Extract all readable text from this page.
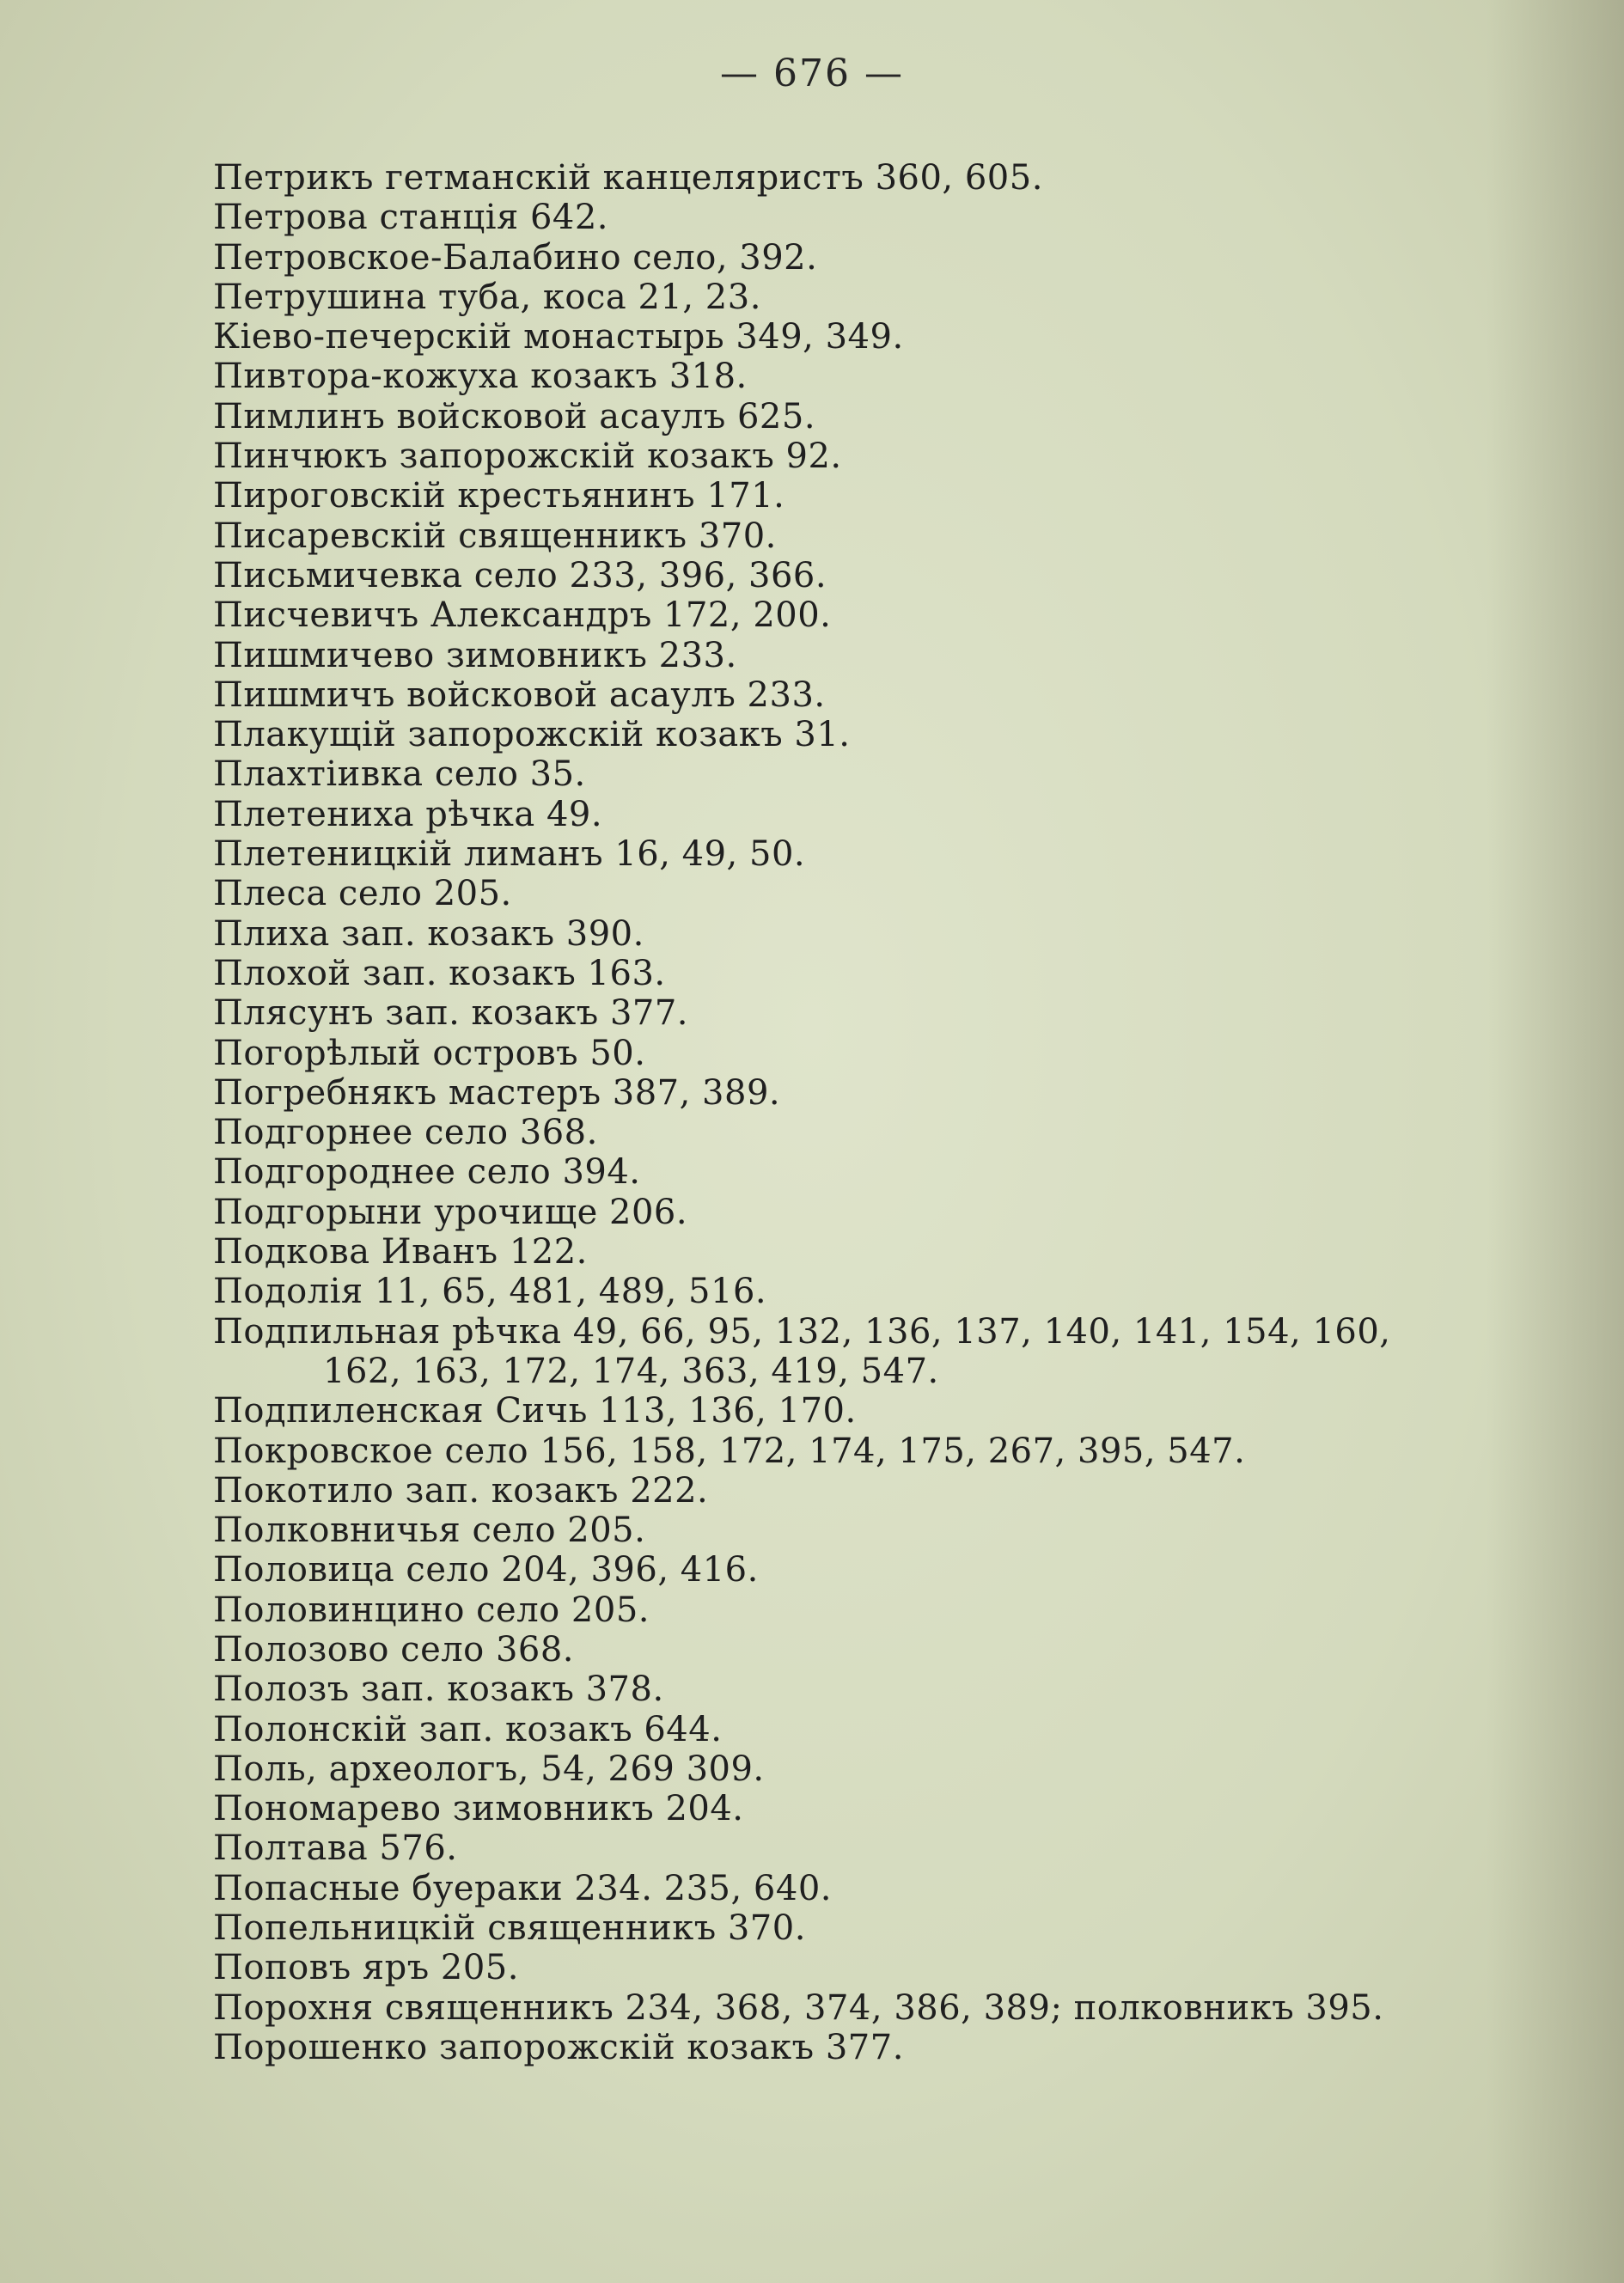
— 676 —
Петрикъ гетманскій канцеляристъ 360, 605.
Петрова станція 642.
Петровское-Балабино село, 392.
Петрушина туба, коса 21, 23.
Кіево-печерскій монастырь 349, 349.
Пивтора-кожуха козакъ 318.
Пимлинъ войсковой асаулъ 625.
Пинчюкъ запорожскій козакъ 92.
Пироговскій крестьянинъ 171.
Писаревскій священникъ 370.
Письмичевка село 233, 396, 366.
Писчевичъ Александръ 172, 200.
Пишмичево зимовникъ 233.
Пишмичъ войсковой асаулъ 233.
Плакущій запорожскій козакъ 31.
Плахтіивка село 35.
Плетениха рѣчка 49.
Плетеницкій лиманъ 16, 49, 50.
Плеса село 205.
Плиха зап. козакъ 390.
Плохой зап. козакъ 163.
Плясунъ зап. козакъ 377.
Погорѣлый островъ 50.
Погребнякъ мастеръ 387, 389.
Подгорнее село 368.
Подгороднее село 394.
Подгорыни урочище 206.
Подкова Иванъ 122.
Подолія 11, 65, 481, 489, 516.
Подпильная рѣчка 49, 66, 95, 132, 136, 137, 140, 141, 154, 160,
162, 163, 172, 174, 363, 419, 547.
Подпиленская Сичь 113, 136, 170.
Покровское село 156, 158, 172, 174, 175, 267, 395, 547.
Покотило зап. козакъ 222.
Полковничья село 205.
Половица село 204, 396, 416.
Половинцино село 205.
Полозово село 368.
Полозъ зап. козакъ 378.
Полонскій зап. козакъ 644.
Поль, археологъ, 54, 269 309.
Пономарево зимовникъ 204.
Полтава 576.
Попасные буераки 234. 235, 640.
Попельницкій священникъ 370.
Поповъ яръ 205.
Порохня священникъ 234, 368, 374, 386, 389; полковникъ 395.
Порошенко запорожскій козакъ 377.
